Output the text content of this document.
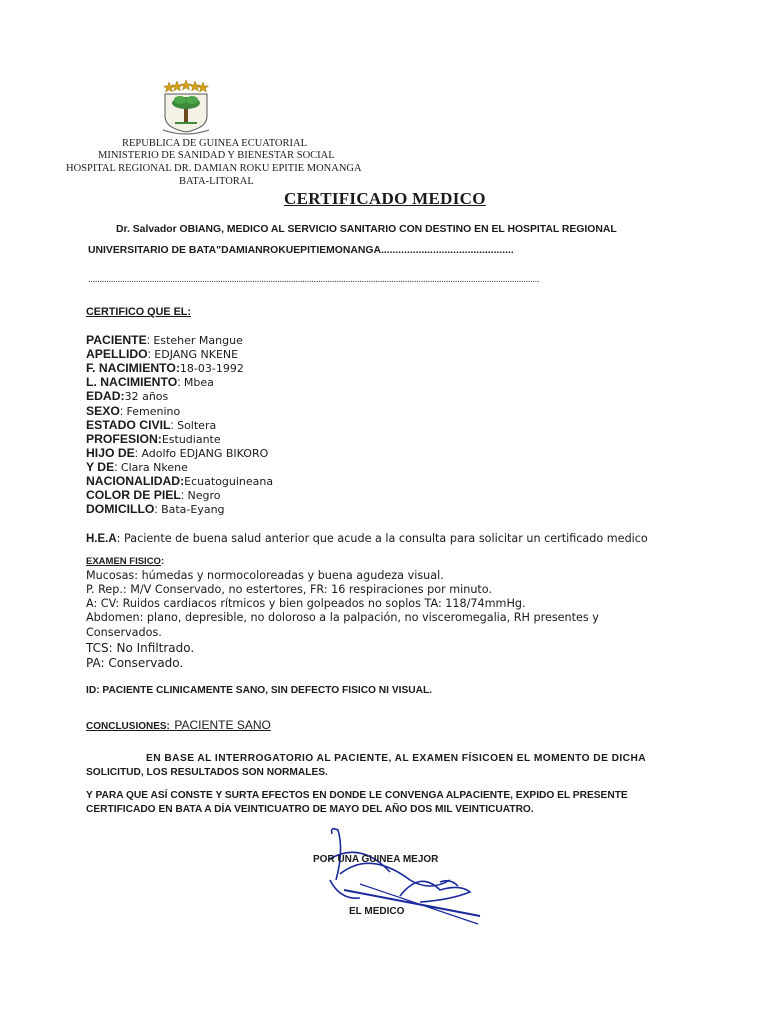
REPUBLICA DE GUINEA ECUATORIAL
MINISTERIO DE SANIDAD Y BIENESTAR SOCIAL
HOSPITAL REGIONAL DR. DAMIAN ROKU EPITIE MONANGA
BATA-LITORAL
CERTIFICADO MEDICO
Dr. Salvador OBIANG, MEDICO AL SERVICIO SANITARIO CON DESTINO EN EL HOSPITAL REGIONAL
UNIVERSITARIO DE BATA"DAMIANROKUEPITIEMONANGA..............................................
......................................................................................................................................................................................................
CERTIFICO QUE EL:
PACIENTE: Esteher Mangue
APELLIDO: EDJANG NKENE
F. NACIMIENTO:18-03-1992
L. NACIMIENTO: Mbea
EDAD:32 años
SEXO: Femenino
ESTADO CIVIL: Soltera
PROFESION:Estudiante
HIJO DE: Adolfo EDJANG BIKORO
Y DE: Clara Nkene
NACIONALIDAD:Ecuatoguineana
COLOR DE PIEL: Negro
DOMICILLO: Bata-Eyang
H.E.A: Paciente de buena salud anterior que acude a la consulta para solicitar un certificado medico
EXAMEN FISICO:
Mucosas: húmedas y normocoloreadas y buena agudeza visual.
P. Rep.: M/V Conservado, no estertores, FR: 16 respiraciones por minuto.
A: CV: Ruidos cardiacos rítmicos y bien golpeados no soplos TA: 118/74mmHg.
Abdomen: plano, depresible, no doloroso a la palpación, no visceromegalia, RH presentes y
Conservados.
TCS: No Infiltrado.
PA: Conservado.
ID: PACIENTE CLINICAMENTE SANO, SIN DEFECTO FISICO NI VISUAL.
CONCLUSIONES: PACIENTE SANO
EN BASE AL INTERROGATORIO AL PACIENTE, AL EXAMEN FÍSICOEN EL MOMENTO DE DICHA
SOLICITUD, LOS RESULTADOS SON NORMALES.
Y PARA QUE ASÍ CONSTE Y SURTA EFECTOS EN DONDE LE CONVENGA ALPACIENTE, EXPIDO EL PRESENTE
CERTIFICADO EN BATA A DÍA VEINTICUATRO DE MAYO DEL AÑO DOS MIL VEINTICUATRO.
POR UNA GUINEA MEJOR
EL MEDICO
